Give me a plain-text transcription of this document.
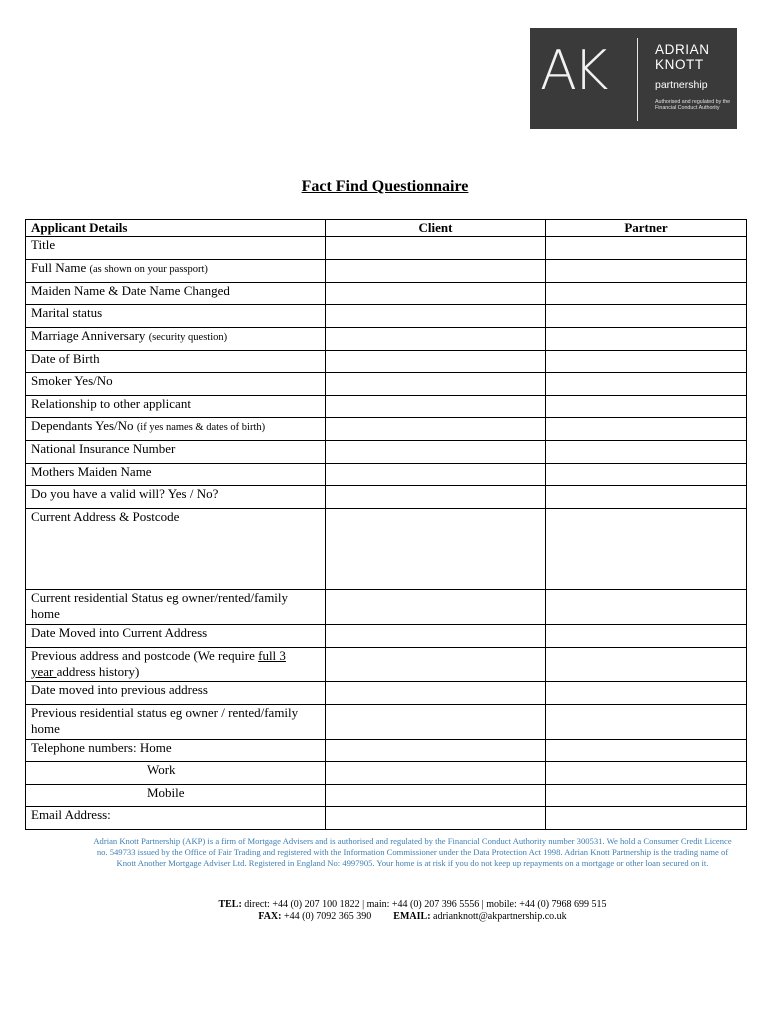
AK	ADRIAN
KNOTT
partnership
Authorised and regulated by the Financial Conduct Authority
Fact Find Questionnaire
Applicant Details	Client	Partner
Title		
Full Name (as shown on your passport)		
Maiden Name & Date Name Changed		
Marital status		
Marriage Anniversary (security question)		
Date of Birth		
Smoker Yes/No		
Relationship to other applicant		
Dependants Yes/No (if yes names & dates of birth)		
National Insurance Number		
Mothers Maiden Name		
Do you have a valid will? Yes / No?		
Current Address & Postcode		
Current residential Status eg owner/rented/family home		
Date Moved into Current Address		
Previous address and postcode (We require full 3
year address history)		
Date moved into previous address		
Previous residential status eg owner / rented/family home		
Telephone numbers: Home		
Work		
Mobile		
Email Address:		
Adrian Knott Partnership (AKP) is a firm of Mortgage Advisers and is authorised and regulated by the Financial Conduct Authority number 300531. We hold a Consumer Credit Licence no. 549733 issued by the Office of Fair Trading and registered with the Information Commissioner under the Data Protection Act 1998. Adrian Knott Partnership is the trading name of Knott Another Mortgage Adviser Ltd. Registered in England No: 4997905. Your home is at risk if you do not keep up repayments on a mortgage or other loan secured on it.
TEL: direct: +44 (0) 207 100 1822 | main: +44 (0) 207 396 5556 | mobile: +44 (0) 7968 699 515
FAX: +44 (0) 7092 365 390 EMAIL: adrianknott@akpartnership.co.uk
